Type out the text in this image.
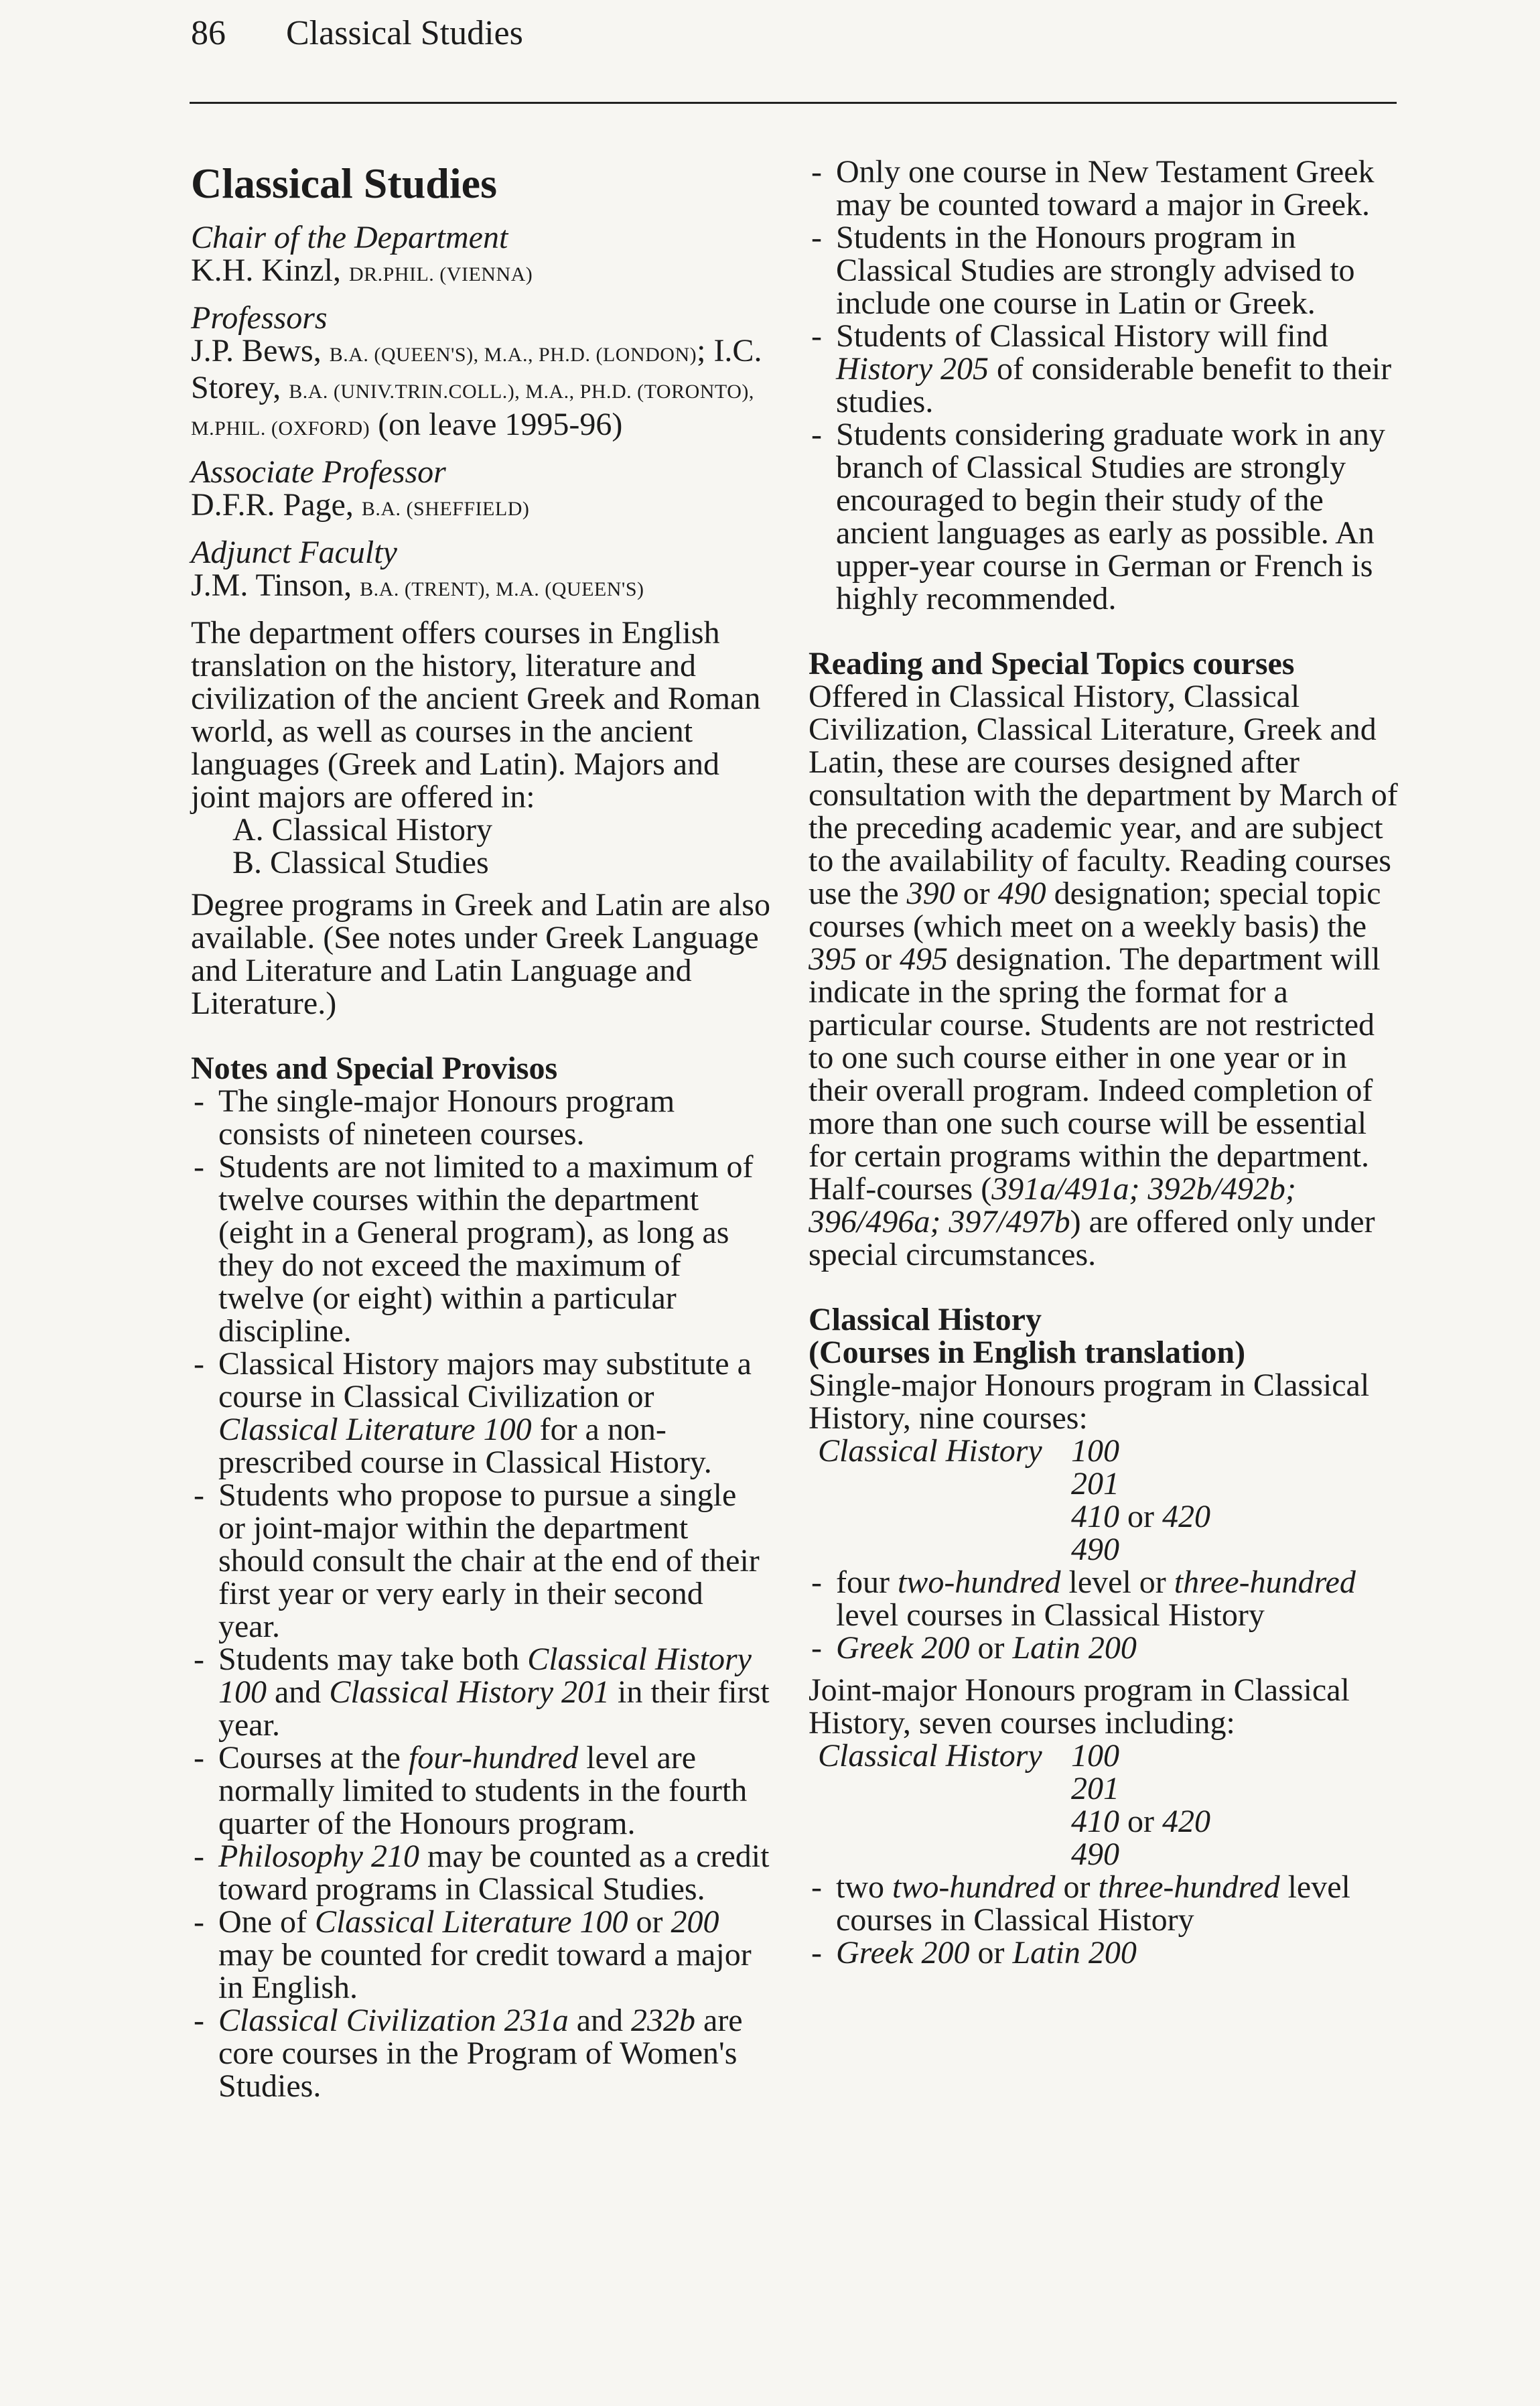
86 Classical Studies
Classical Studies
Chair of the Department
K.H. Kinzl, DR.PHIL. (VIENNA)
Professors
J.P. Bews, B.A. (QUEEN'S), M.A., PH.D. (LONDON); I.C. Storey, B.A. (UNIV.TRIN.COLL.), M.A., PH.D. (TORONTO), M.PHIL. (OXFORD) (on leave 1995-96)
Associate Professor
D.F.R. Page, B.A. (SHEFFIELD)
Adjunct Faculty
J.M. Tinson, B.A. (TRENT), M.A. (QUEEN'S)

The department offers courses in English translation on the history, literature and civilization of the ancient Greek and Roman world, as well as courses in the ancient languages (Greek and Latin). Majors and joint majors are offered in:

A. Classical History
B. Classical Studies

Degree programs in Greek and Latin are also available. (See notes under Greek Language and Literature and Latin Language and Literature.)

Notes and Special Provisos
- The single-major Honours program consists of nineteen courses.
- Students are not limited to a maximum of twelve courses within the department (eight in a General program), as long as they do not exceed the maximum of twelve (or eight) within a particular discipline.
- Classical History majors may substitute a course in Classical Civilization or Classical Literature 100 for a non-prescribed course in Classical History.
- Students who propose to pursue a single or joint-major within the department should consult the chair at the end of their first year or very early in their second year.
- Students may take both Classical History 100 and Classical History 201 in their first year.
- Courses at the four-hundred level are normally limited to students in the fourth quarter of the Honours program.
- Philosophy 210 may be counted as a credit toward programs in Classical Studies.
- One of Classical Literature 100 or 200 may be counted for credit toward a major in English.
- Classical Civilization 231a and 232b are core courses in the Program of Women's Studies.
- Only one course in New Testament Greek may be counted toward a major in Greek.
- Students in the Honours program in Classical Studies are strongly advised to include one course in Latin or Greek.
- Students of Classical History will find History 205 of considerable benefit to their studies.
- Students considering graduate work in any branch of Classical Studies are strongly encouraged to begin their study of the ancient languages as early as possible. An upper-year course in German or French is highly recommended.
Reading and Special Topics courses

Offered in Classical History, Classical Civilization, Classical Literature, Greek and Latin, these are courses designed after consultation with the department by March of the preceding academic year, and are subject to the availability of faculty. Reading courses use the 390 or 490 designation; special topic courses (which meet on a weekly basis) the 395 or 495 designation. The department will indicate in the spring the format for a particular course. Students are not restricted to one such course either in one year or in their overall program. Indeed completion of more than one such course will be essential for certain programs within the department. Half-courses (391a/491a; 392b/492b; 396/496a; 397/497b) are offered only under special circumstances.

Classical History
(Courses in English translation)

Single-major Honours program in Classical History, nine courses:

Classical History 100
201
410 or 420
490
- four two-hundred level or three-hundred level courses in Classical History
- Greek 200 or Latin 200

Joint-major Honours program in Classical History, seven courses including:

Classical History 100
201
410 or 420
490
- two two-hundred or three-hundred level courses in Classical History
- Greek 200 or Latin 200
